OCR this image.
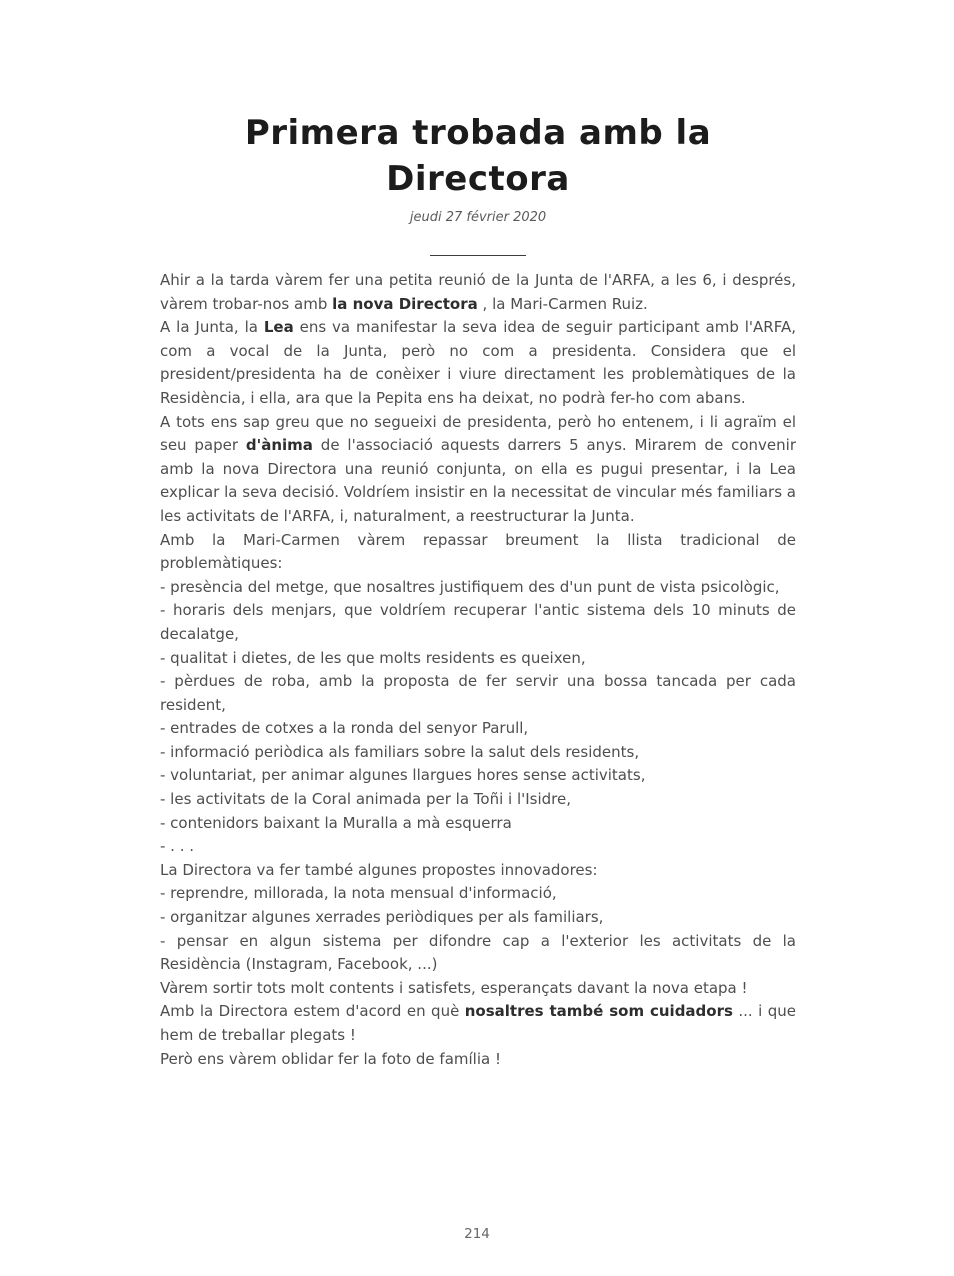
Primera trobada amb la Directora
jeudi 27 février 2020

Ahir a la tarda vàrem fer una petita reunió de la Junta de l'ARFA, a les 6, i després, vàrem trobar-nos amb la nova Directora , la Mari-Carmen Ruiz.

A la Junta, la Lea ens va manifestar la seva idea de seguir participant amb l'ARFA, com a vocal de la Junta, però no com a presidenta. Considera que el president/presidenta ha de conèixer i viure directament les problemàtiques de la Residència, i ella, ara que la Pepita ens ha deixat, no podrà fer-ho com abans.

A tots ens sap greu que no segueixi de presidenta, però ho entenem, i li agraïm el seu paper d'ànima de l'associació aquests darrers 5 anys. Mirarem de convenir amb la nova Directora una reunió conjunta, on ella es pugui presentar, i la Lea explicar la seva decisió. Voldríem insistir en la necessitat de vincular més familiars a les activitats de l'ARFA, i, naturalment, a reestructurar la Junta.

Amb la Mari-Carmen vàrem repassar breument la llista tradicional de problemàtiques:

- presència del metge, que nosaltres justifiquem des d'un punt de vista psicològic,

- horaris dels menjars, que voldríem recuperar l'antic sistema dels 10 minuts de decalatge,

- qualitat i dietes, de les que molts residents es queixen,

- pèrdues de roba, amb la proposta de fer servir una bossa tancada per cada resident,

- entrades de cotxes a la ronda del senyor Parull,

- informació periòdica als familiars sobre la salut dels residents,

- voluntariat, per animar algunes llargues hores sense activitats,

- les activitats de la Coral animada per la Toñi i l'Isidre,

- contenidors baixant la Muralla a mà esquerra

- . . .

La Directora va fer també algunes propostes innovadores:

- reprendre, millorada, la nota mensual d'informació,

- organitzar algunes xerrades periòdiques per als familiars,

- pensar en algun sistema per difondre cap a l'exterior les activitats de la Residència (Instagram, Facebook, ...)

Vàrem sortir tots molt contents i satisfets, esperançats davant la nova etapa !

Amb la Directora estem d'acord en què nosaltres també som cuidadors ... i que hem de treballar plegats !

Però ens vàrem oblidar fer la foto de família !

214
